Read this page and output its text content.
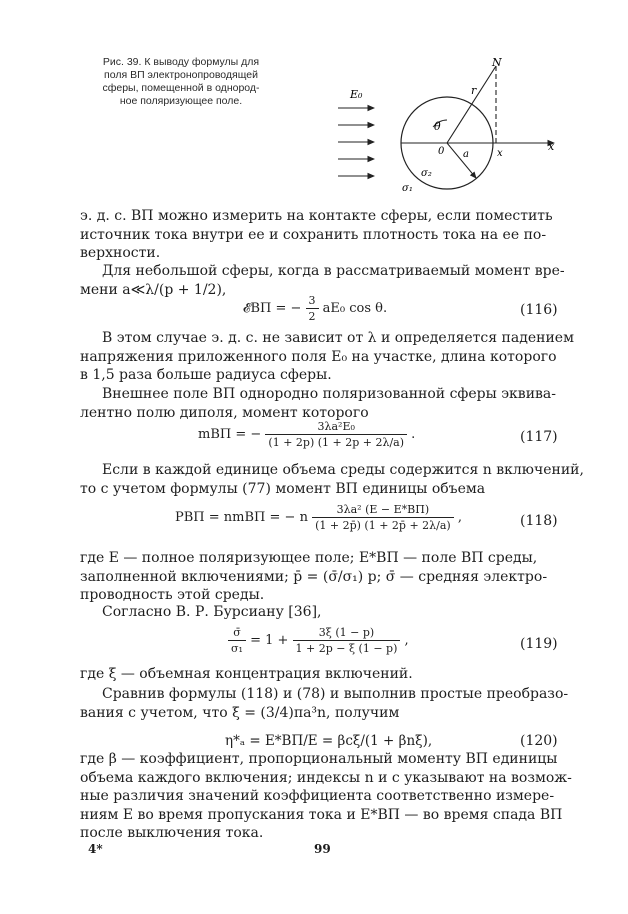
Рис. 39. К выводу формулы для
поля ВП электронопроводящей
сферы, помещенной в однород-
ное поляризующее поле.	E₀
N
r
θ
0 a	x
x
σ₂
σ₁
э. д. с. ВП можно измерить на контакте сферы, если поместить
источник тока внутри ее и сохранить плотность тока на ее по-
верхности.
Для небольшой сферы, когда в рассматриваемый момент вре-
мени a≪λ/(p + 1/2),
𝓔ВП = − $\frac{3}{2} aE_0$ cos θ.	(116)
В этом случае э. д. с. не зависит от λ и определяется падением
напряжения приложенного поля E₀ на участке, длина которого
в 1,5 раза больше радиуса сферы.
Внешнее поле ВП однородно поляризованной сферы эквива-
лентно полю диполя, момент которого
mВП = − $\frac{\text{3λa²E₀}}{(1 + 2p) (1 + 2p + 2\lambda/a)}$ .	(117)
Если в каждой единице объема среды содержится n включений,
то с учетом формулы (77) момент ВП единицы объема
PВП = nmВП = − n $\frac{\text{3λa² (E − E*ВП)}}{(1 + 2p̄) (1 + 2p̄ + 2\lambda/a)}$ ,	(118)
где E — полное поляризующее поле; E*ВП — поле ВП среды,
заполненной включениями; p̄ = (σ̄/σ₁) p; σ̄ — средняя электро-
проводность этой среды.
Согласно В. Р. Бурсиану [36],
$\frac{\sigmā}{\text{σ₁}} = 1 + \frac{3\xi (1 - p)}{1 + 2p - \xi (1 - p)}$ ,	(119)
где ξ — объемная концентрация включений.
Сравнив формулы (118) и (78) и выполнив простые преобразо-
вания с учетом, что ξ = (3/4)πa³n, получим
η*ₐ = E*ВП/E = βcξ/(1 + βnξ),	(120)
где β — коэффициент, пропорциональный моменту ВП единицы
объема каждого включения; индексы n и c указывают на возмож-
ные различия значений коэффициента соответственно измере-
ниям E во время пропускания тока и E*ВП — во время спада ВП
после выключения тока.
4*	99
